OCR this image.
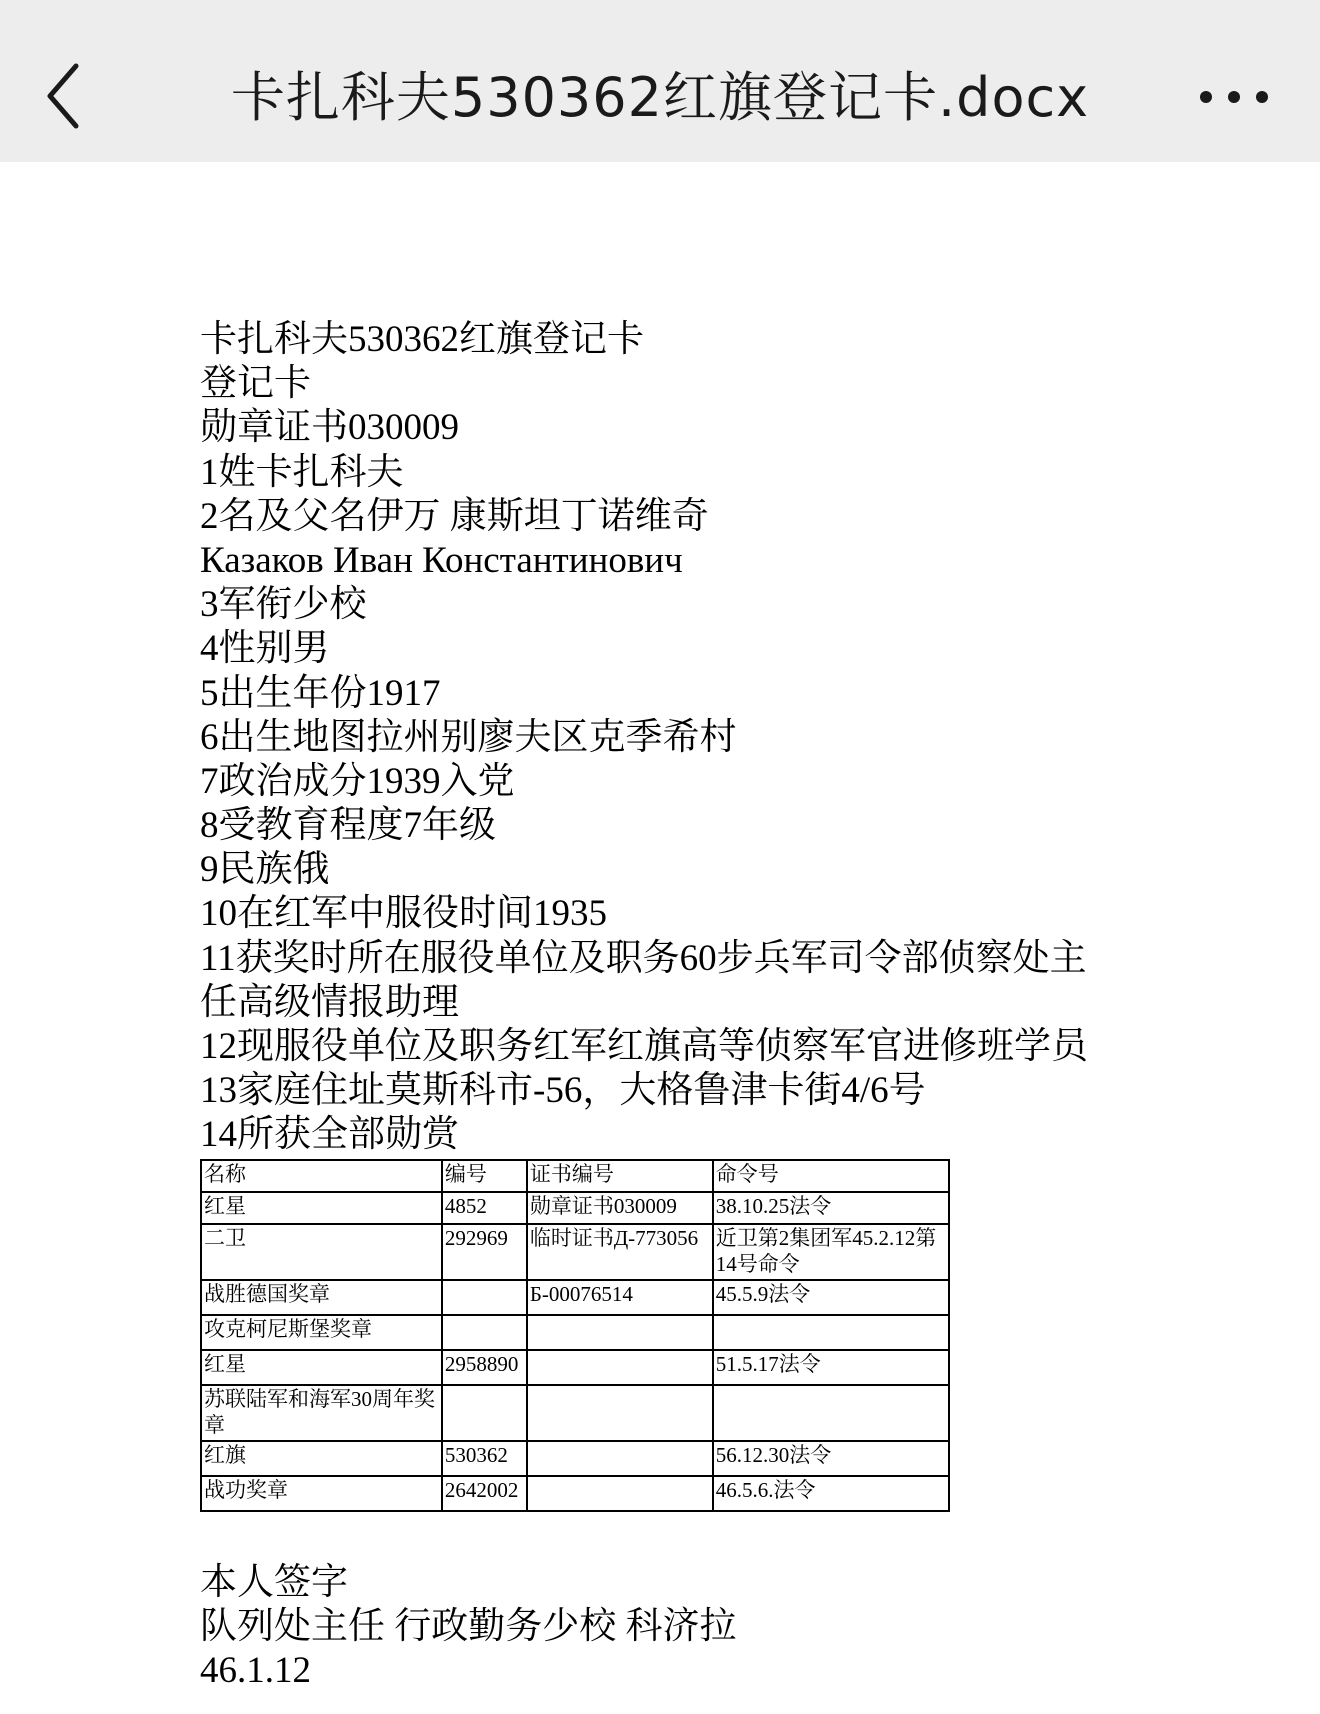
卡扎科夫530362红旗登记卡.docx
卡扎科夫530362红旗登记卡
登记卡
勋章证书030009
1姓卡扎科夫
2名及父名伊万 康斯坦丁诺维奇
Казаков Иван Константинович
3军衔少校
4性别男
5出生年份1917
6出生地图拉州别廖夫区克季希村
7政治成分1939入党
8受教育程度7年级
9民族俄
10在红军中服役时间1935
11获奖时所在服役单位及职务60步兵军司令部侦察处主
任高级情报助理
12现服役单位及职务红军红旗高等侦察军官进修班学员
13家庭住址莫斯科市-56，大格鲁津卡街4/6号
14所获全部勋赏
名称	编号	证书编号	命令号
红星	4852	勋章证书030009	38.10.25法令
二卫	292969	临时证书Д-773056	近卫第2集团军45.2.12第14号命令
战胜德国奖章		Б-00076514	45.5.9法令
攻克柯尼斯堡奖章			
红星	2958890		51.5.17法令
苏联陆军和海军30周年奖章			
红旗	530362		56.12.30法令
战功奖章	2642002		46.5.6.法令
本人签字
队列处主任 行政勤务少校 科济拉
46.1.12
